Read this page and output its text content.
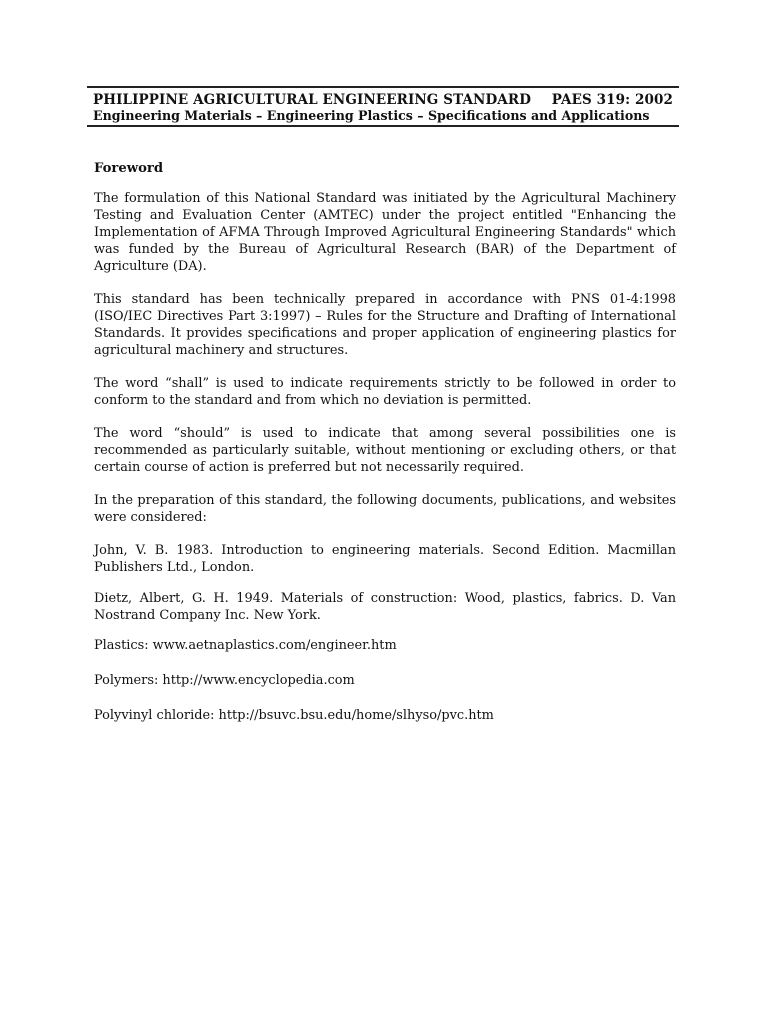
PHILIPPINE AGRICULTURAL ENGINEERING STANDARD PAES 319: 2002
Engineering Materials – Engineering Plastics – Specifications and Applications
Foreword

The formulation of this National Standard was initiated by the Agricultural Machinery Testing and Evaluation Center (AMTEC) under the project entitled "Enhancing the Implementation of AFMA Through Improved Agricultural Engineering Standards" which was funded by the Bureau of Agricultural Research (BAR) of the Department of Agriculture (DA).

This standard has been technically prepared in accordance with PNS 01-4:1998 (ISO/IEC Directives Part 3:1997) – Rules for the Structure and Drafting of International Standards. It provides specifications and proper application of engineering plastics for agricultural machinery and structures.

The word “shall” is used to indicate requirements strictly to be followed in order to conform to the standard and from which no deviation is permitted.

The word “should” is used to indicate that among several possibilities one is recommended as particularly suitable, without mentioning or excluding others, or that certain course of action is preferred but not necessarily required.

In the preparation of this standard, the following documents, publications, and websites were considered:

John, V. B. 1983. Introduction to engineering materials. Second Edition. Macmillan Publishers Ltd., London.

Dietz, Albert, G. H. 1949. Materials of construction: Wood, plastics, fabrics. D. Van Nostrand Company Inc. New York.

Plastics: www.aetnaplastics.com/engineer.htm

Polymers: http://www.encyclopedia.com

Polyvinyl chloride: http://bsuvc.bsu.edu/home/slhyso/pvc.htm
